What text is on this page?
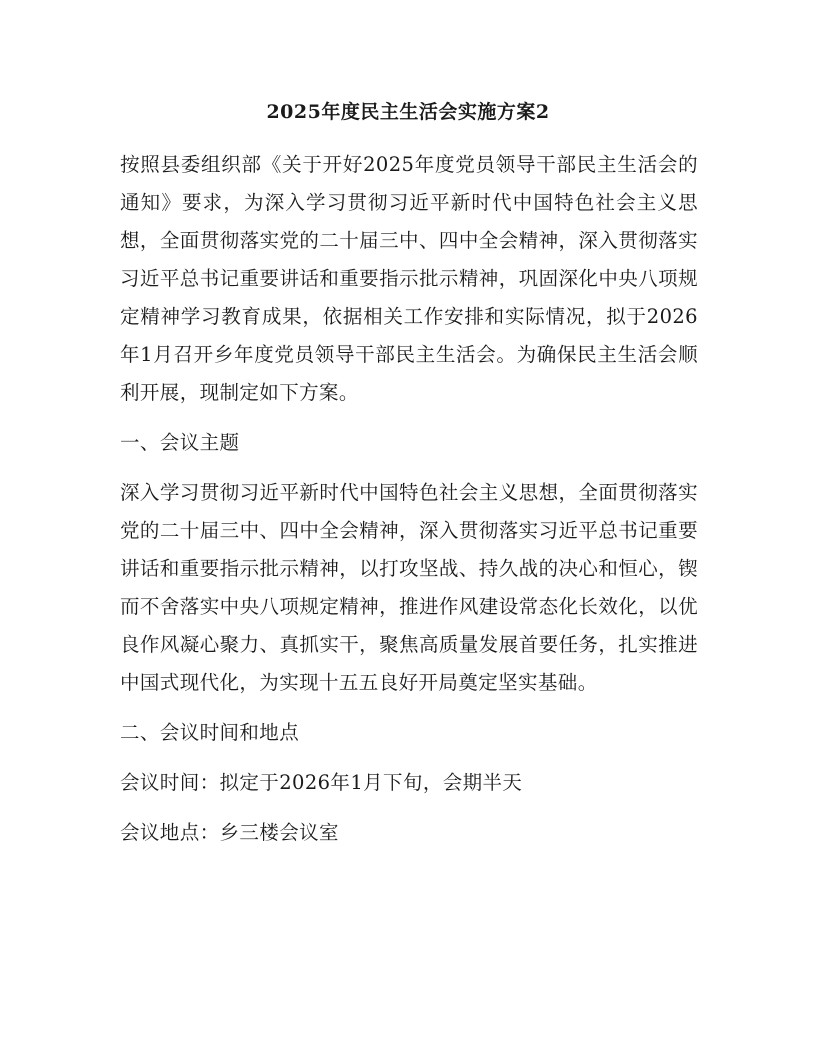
2025年度民主生活会实施方案2

按照县委组织部《关于开好2025年度党员领导干部民主生活会的通知》要求，为深入学习贯彻习近平新时代中国特色社会主义思想，全面贯彻落实党的二十届三中、四中全会精神，深入贯彻落实习近平总书记重要讲话和重要指示批示精神，巩固深化中央八项规定精神学习教育成果，依据相关工作安排和实际情况，拟于2026年1月召开乡年度党员领导干部民主生活会。为确保民主生活会顺利开展，现制定如下方案。

一、会议主题

深入学习贯彻习近平新时代中国特色社会主义思想，全面贯彻落实党的二十届三中、四中全会精神，深入贯彻落实习近平总书记重要讲话和重要指示批示精神，以打攻坚战、持久战的决心和恒心，锲而不舍落实中央八项规定精神，推进作风建设常态化长效化，以优良作风凝心聚力、真抓实干，聚焦高质量发展首要任务，扎实推进中国式现代化，为实现十五五良好开局奠定坚实基础。

二、会议时间和地点

会议时间：拟定于2026年1月下旬，会期半天

会议地点：乡三楼会议室
